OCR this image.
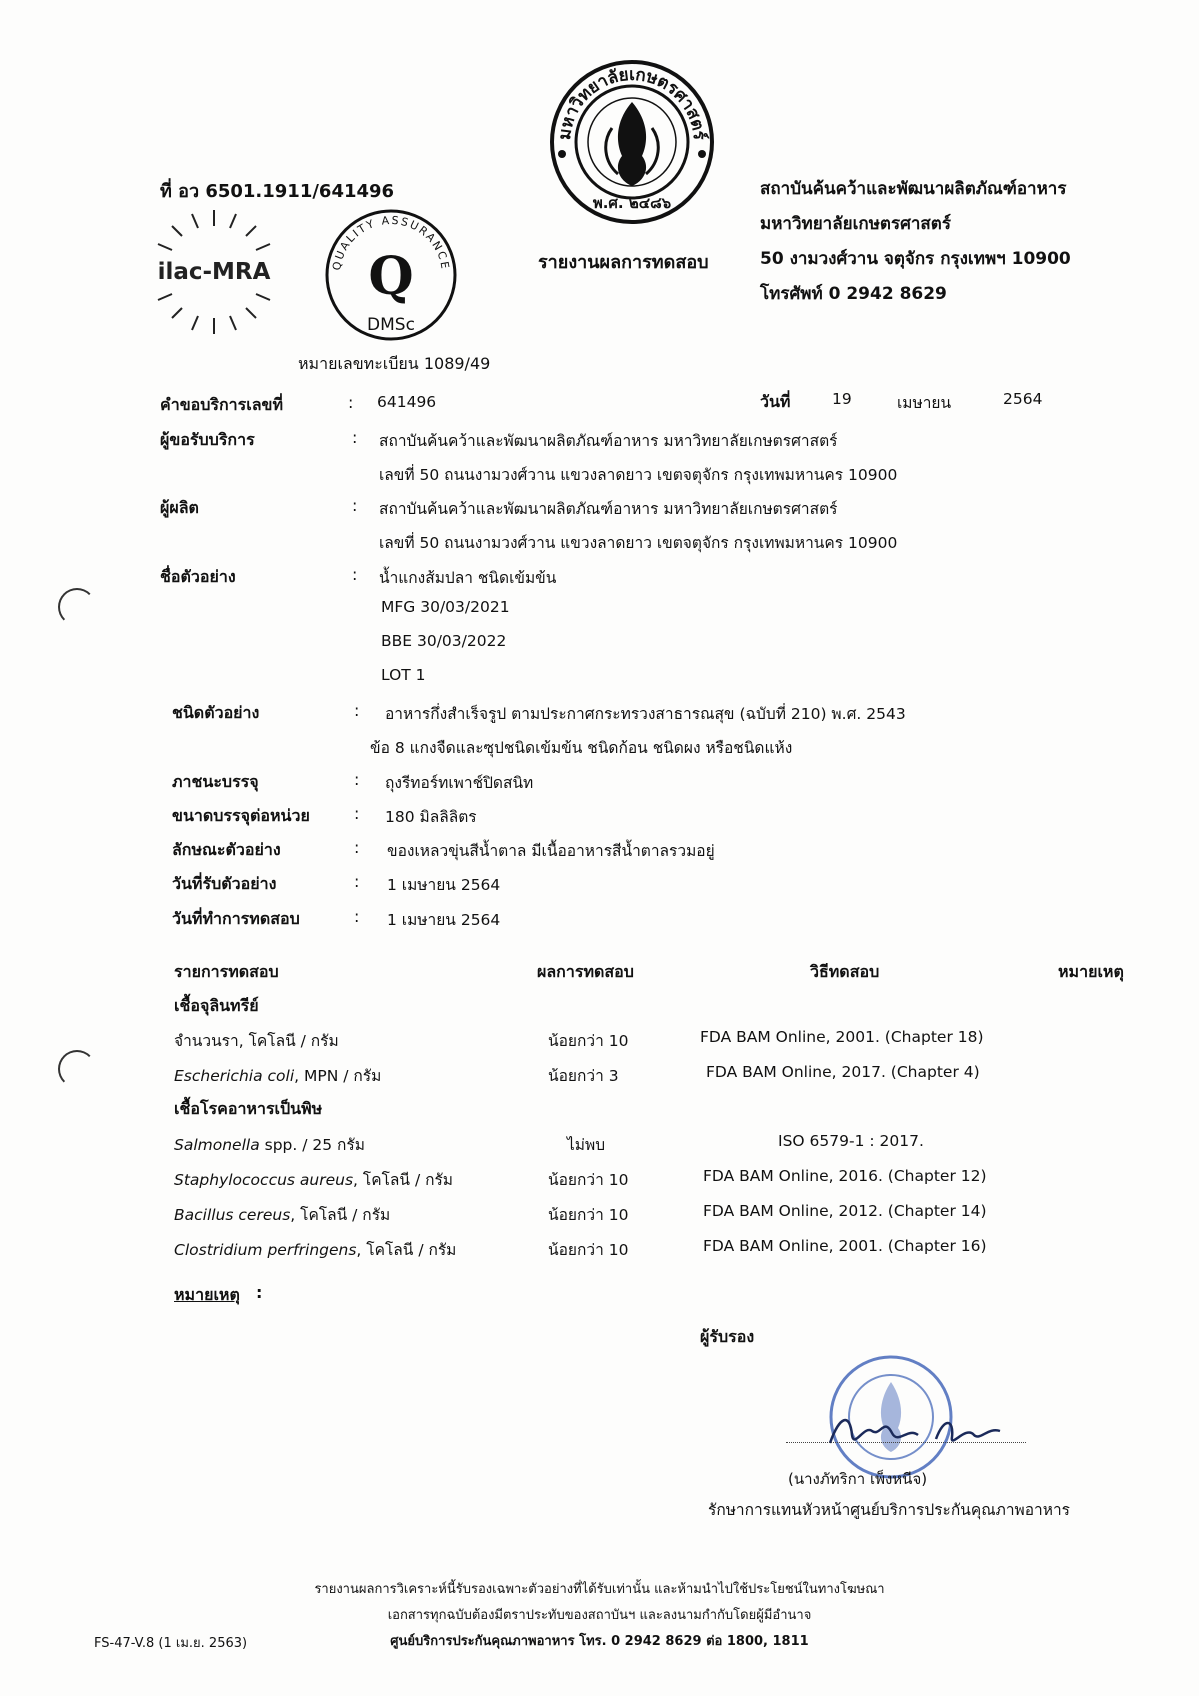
ที่ อว 6501.1911/641496
มหาวิทยาลัยเกษตรศาสตร์
พ.ศ. ๒๔๘๖
รายงานผลการทดสอบ
สถาบันค้นคว้าและพัฒนาผลิตภัณฑ์อาหาร
มหาวิทยาลัยเกษตรศาสตร์
50 งามวงศ์วาน จตุจักร กรุงเทพฯ 10900
โทรศัพท์ 0 2942 8629
ilac-MRA	QUALITY ASSURANCE
Q
DMSc
หมายเลขทะเบียน 1089/49
คำขอบริการเลขที่	: 641496	วันที่	19	เมษายน	2564
ผู้ขอรับบริการ	: สถาบันค้นคว้าและพัฒนาผลิตภัณฑ์อาหาร มหาวิทยาลัยเกษตรศาสตร์
เลขที่ 50 ถนนงามวงศ์วาน แขวงลาดยาว เขตจตุจักร กรุงเทพมหานคร 10900
ผู้ผลิต	: สถาบันค้นคว้าและพัฒนาผลิตภัณฑ์อาหาร มหาวิทยาลัยเกษตรศาสตร์
เลขที่ 50 ถนนงามวงศ์วาน แขวงลาดยาว เขตจตุจักร กรุงเทพมหานคร 10900
ชื่อตัวอย่าง	: น้ำแกงส้มปลา ชนิดเข้มข้น
MFG 30/03/2021
BBE 30/03/2022
LOT 1
ชนิดตัวอย่าง	: อาหารกึ่งสำเร็จรูป ตามประกาศกระทรวงสาธารณสุข (ฉบับที่ 210) พ.ศ. 2543
ข้อ 8 แกงจืดและซุปชนิดเข้มข้น ชนิดก้อน ชนิดผง หรือชนิดแห้ง
ภาชนะบรรจุ	: ถุงรีทอร์ทเพาช์ปิดสนิท
ขนาดบรรจุต่อหน่วย	: 180 มิลลิลิตร
ลักษณะตัวอย่าง	: ของเหลวขุ่นสีน้ำตาล มีเนื้ออาหารสีน้ำตาลรวมอยู่
วันที่รับตัวอย่าง	: 1 เมษายน 2564
วันที่ทำการทดสอบ	: 1 เมษายน 2564
รายการทดสอบ	ผลการทดสอบ	วิธีทดสอบ	หมายเหตุ
เชื้อจุลินทรีย์
จำนวนรา, โคโลนี / กรัม	น้อยกว่า 10	FDA BAM Online, 2001. (Chapter 18)
Escherichia coli, MPN / กรัม	น้อยกว่า 3	FDA BAM Online, 2017. (Chapter 4)
เชื้อโรคอาหารเป็นพิษ
Salmonella spp. / 25 กรัม	ไม่พบ	ISO 6579-1 : 2017.
Staphylococcus aureus, โคโลนี / กรัม	น้อยกว่า 10	FDA BAM Online, 2016. (Chapter 12)
Bacillus cereus, โคโลนี / กรัม	น้อยกว่า 10	FDA BAM Online, 2012. (Chapter 14)
Clostridium perfringens, โคโลนี / กรัม	น้อยกว่า 10	FDA BAM Online, 2001. (Chapter 16)
หมายเหตุ :
ผู้รับรอง
(นางภัทริกา เพ็งหนีจ)
รักษาการแทนหัวหน้าศูนย์บริการประกันคุณภาพอาหาร
รายงานผลการวิเคราะห์นี้รับรองเฉพาะตัวอย่างที่ได้รับเท่านั้น และห้ามนำไปใช้ประโยชน์ในทางโฆษณา
เอกสารทุกฉบับต้องมีตราประทับของสถาบันฯ และลงนามกำกับโดยผู้มีอำนาจ
ศูนย์บริการประกันคุณภาพอาหาร โทร. 0 2942 8629 ต่อ 1800, 1811
FS-47-V.8 (1 เม.ย. 2563)
